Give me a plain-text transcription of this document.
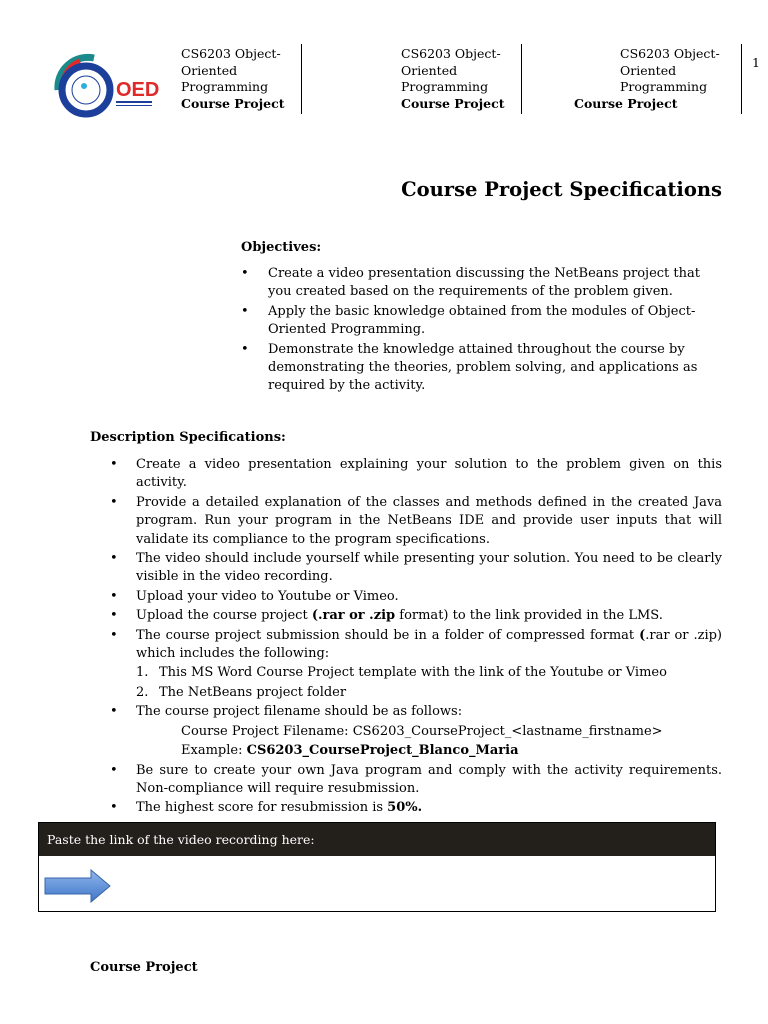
OED
CS6203 Object-
Oriented
Programming
Course Project
CS6203 Object-
Oriented
Programming
Course Project
CS6203 Object-
Oriented
Programming
Course Project
1
Course Project Specifications
Objectives:
• Create a video presentation discussing the NetBeans project that you created based on the requirements of the problem given.
• Apply the basic knowledge obtained from the modules of Object-Oriented Programming.
• Demonstrate the knowledge attained throughout the course by demonstrating the theories, problem solving, and applications as required by the activity.
Description Specifications:
• Create a video presentation explaining your solution to the problem given on this activity.
• Provide a detailed explanation of the classes and methods defined in the created Java program. Run your program in the NetBeans IDE and provide user inputs that will validate its compliance to the program specifications.
• The video should include yourself while presenting your solution. You need to be clearly visible in the video recording.
• Upload your video to Youtube or Vimeo.
• Upload the course project (.rar or .zip format) to the link provided in the LMS.
• The course project submission should be in a folder of compressed format (.rar or .zip) which includes the following:
1. This MS Word Course Project template with the link of the Youtube or Vimeo
2. The NetBeans project folder
• The course project filename should be as follows:
Course Project Filename: CS6203_CourseProject_<lastname_firstname>
Example: CS6203_CourseProject_Blanco_Maria
• Be sure to create your own Java program and comply with the activity requirements. Non-compliance will require resubmission.
• The highest score for resubmission is 50%.
Paste the link of the video recording here:
Course Project
